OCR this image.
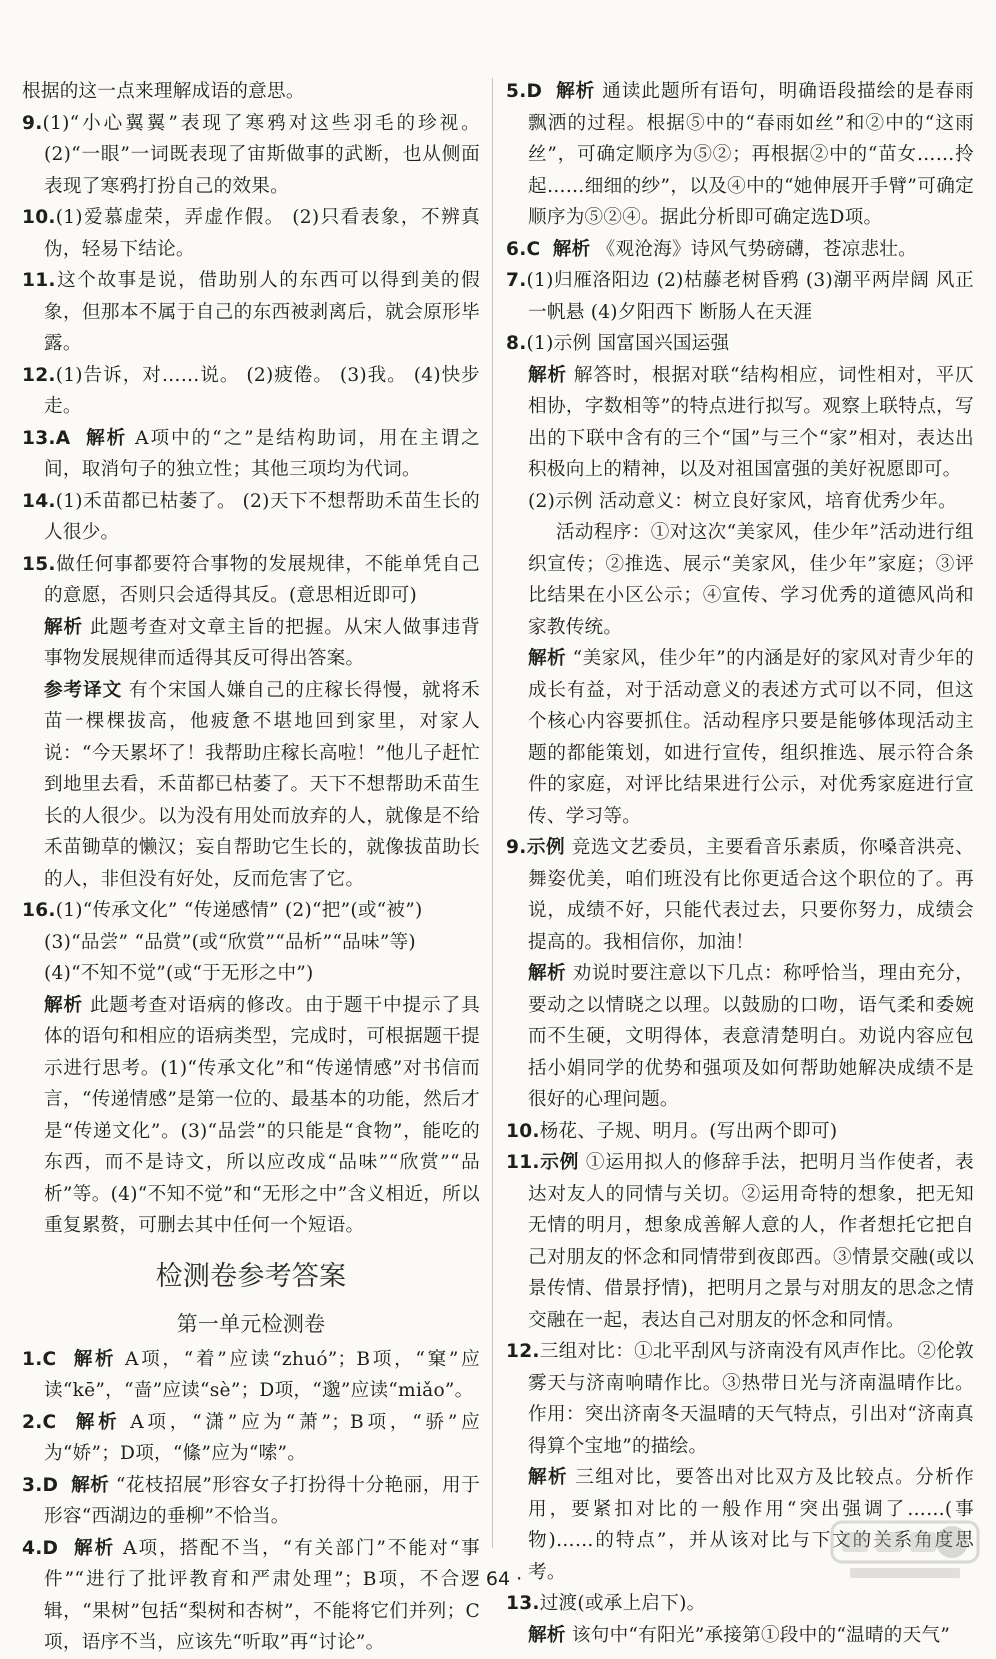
根据的这一点来理解成语的意思。

9.(1)“小心翼翼”表现了寒鸦对这些羽毛的珍视。 (2)“一眼”一词既表现了宙斯做事的武断，也从侧面表现了寒鸦打扮自己的效果。

10.(1)爱慕虚荣，弄虚作假。 (2)只看表象，不辨真伪，轻易下结论。

11.这个故事是说，借助别人的东西可以得到美的假象，但那本不属于自己的东西被剥离后，就会原形毕露。

12.(1)告诉，对……说。 (2)疲倦。 (3)我。 (4)快步走。

13.A 解析 A项中的“之”是结构助词，用在主谓之间，取消句子的独立性；其他三项均为代词。

14.(1)禾苗都已枯萎了。 (2)天下不想帮助禾苗生长的人很少。

15.做任何事都要符合事物的发展规律，不能单凭自己的意愿，否则只会适得其反。(意思相近即可)

解析 此题考查对文章主旨的把握。从宋人做事违背事物发展规律而适得其反可得出答案。

参考译文 有个宋国人嫌自己的庄稼长得慢，就将禾苗一棵棵拔高，他疲惫不堪地回到家里，对家人说：“今天累坏了！我帮助庄稼长高啦！”他儿子赶忙到地里去看，禾苗都已枯萎了。天下不想帮助禾苗生长的人很少。以为没有用处而放弃的人，就像是不给禾苗锄草的懒汉；妄自帮助它生长的，就像拔苗助长的人，非但没有好处，反而危害了它。

16.(1)“传承文化” “传递感情” (2)“把”(或“被”)

(3)“品尝” “品赏”(或“欣赏”“品析”“品味”等)

(4)“不知不觉”(或“于无形之中”)

解析 此题考查对语病的修改。由于题干中提示了具体的语句和相应的语病类型，完成时，可根据题干提示进行思考。(1)“传承文化”和“传递情感”对书信而言，“传递情感”是第一位的、最基本的功能，然后才是“传递文化”。(3)“品尝”的只能是“食物”，能吃的东西，而不是诗文，所以应改成“品味”“欣赏”“品析”等。(4)“不知不觉”和“无形之中”含义相近，所以重复累赘，可删去其中任何一个短语。

检测卷参考答案
第一单元检测卷

1.C 解析 A项，“着”应读“zhuó”；B项，“窠”应读“kē”，“啬”应读“sè”；D项，“邈”应读“miǎo”。

2.C 解析 A项，“潇”应为“萧”；B项，“骄”应为“娇”；D项，“絛”应为“嗦”。

3.D 解析 “花枝招展”形容女子打扮得十分艳丽，用于形容“西湖边的垂柳”不恰当。

4.D 解析 A项，搭配不当，“有关部门”不能对“事件”“进行了批评教育和严肃处理”；B项，不合逻辑，“果树”包括“梨树和杏树”，不能将它们并列；C项，语序不当，应该先“听取”再“讨论”。

5.D 解析 通读此题所有语句，明确语段描绘的是春雨飘洒的过程。根据⑤中的“春雨如丝”和②中的“这雨丝”，可确定顺序为⑤②；再根据②中的“苗女……拎起……细细的纱”，以及④中的“她伸展开手臂”可确定顺序为⑤②④。据此分析即可确定选D项。

6.C 解析 《观沧海》诗风气势磅礴，苍凉悲壮。

7.(1)归雁洛阳边 (2)枯藤老树昏鸦 (3)潮平两岸阔 风正一帆悬 (4)夕阳西下 断肠人在天涯

8.(1)示例 国富国兴国运强

解析 解答时，根据对联“结构相应，词性相对，平仄相协，字数相等”的特点进行拟写。观察上联特点，写出的下联中含有的三个“国”与三个“家”相对，表达出积极向上的精神，以及对祖国富强的美好祝愿即可。

(2)示例 活动意义：树立良好家风，培育优秀少年。

活动程序：①对这次“美家风，佳少年”活动进行组织宣传；②推选、展示“美家风，佳少年”家庭；③评比结果在小区公示；④宣传、学习优秀的道德风尚和家教传统。

解析 “美家风，佳少年”的内涵是好的家风对青少年的成长有益，对于活动意义的表述方式可以不同，但这个核心内容要抓住。活动程序只要是能够体现活动主题的都能策划，如进行宣传，组织推选、展示符合条件的家庭，对评比结果进行公示，对优秀家庭进行宣传、学习等。

9.示例 竞选文艺委员，主要看音乐素质，你嗓音洪亮、舞姿优美，咱们班没有比你更适合这个职位的了。再说，成绩不好，只能代表过去，只要你努力，成绩会提高的。我相信你，加油！

解析 劝说时要注意以下几点：称呼恰当，理由充分，要动之以情晓之以理。以鼓励的口吻，语气柔和委婉而不生硬，文明得体，表意清楚明白。劝说内容应包括小娟同学的优势和强项及如何帮助她解决成绩不是很好的心理问题。

10.杨花、子规、明月。(写出两个即可)

11.示例 ①运用拟人的修辞手法，把明月当作使者，表达对友人的同情与关切。②运用奇特的想象，把无知无情的明月，想象成善解人意的人，作者想托它把自己对朋友的怀念和同情带到夜郎西。③情景交融(或以景传情、借景抒情)，把明月之景与对朋友的思念之情交融在一起，表达自己对朋友的怀念和同情。

12.三组对比：①北平刮风与济南没有风声作比。②伦敦雾天与济南响晴作比。③热带日光与济南温晴作比。作用：突出济南冬天温晴的天气特点，引出对“济南真得算个宝地”的描绘。

解析 三组对比，要答出对比双方及比较点。分析作用，要紧扣对比的一般作用“突出强调了……(事物)……的特点”，并从该对比与下文的关系角度思考。

13.过渡(或承上启下)。

解析 该句中“有阳光”承接第①段中的“温晴的天气”

· 64 ·
